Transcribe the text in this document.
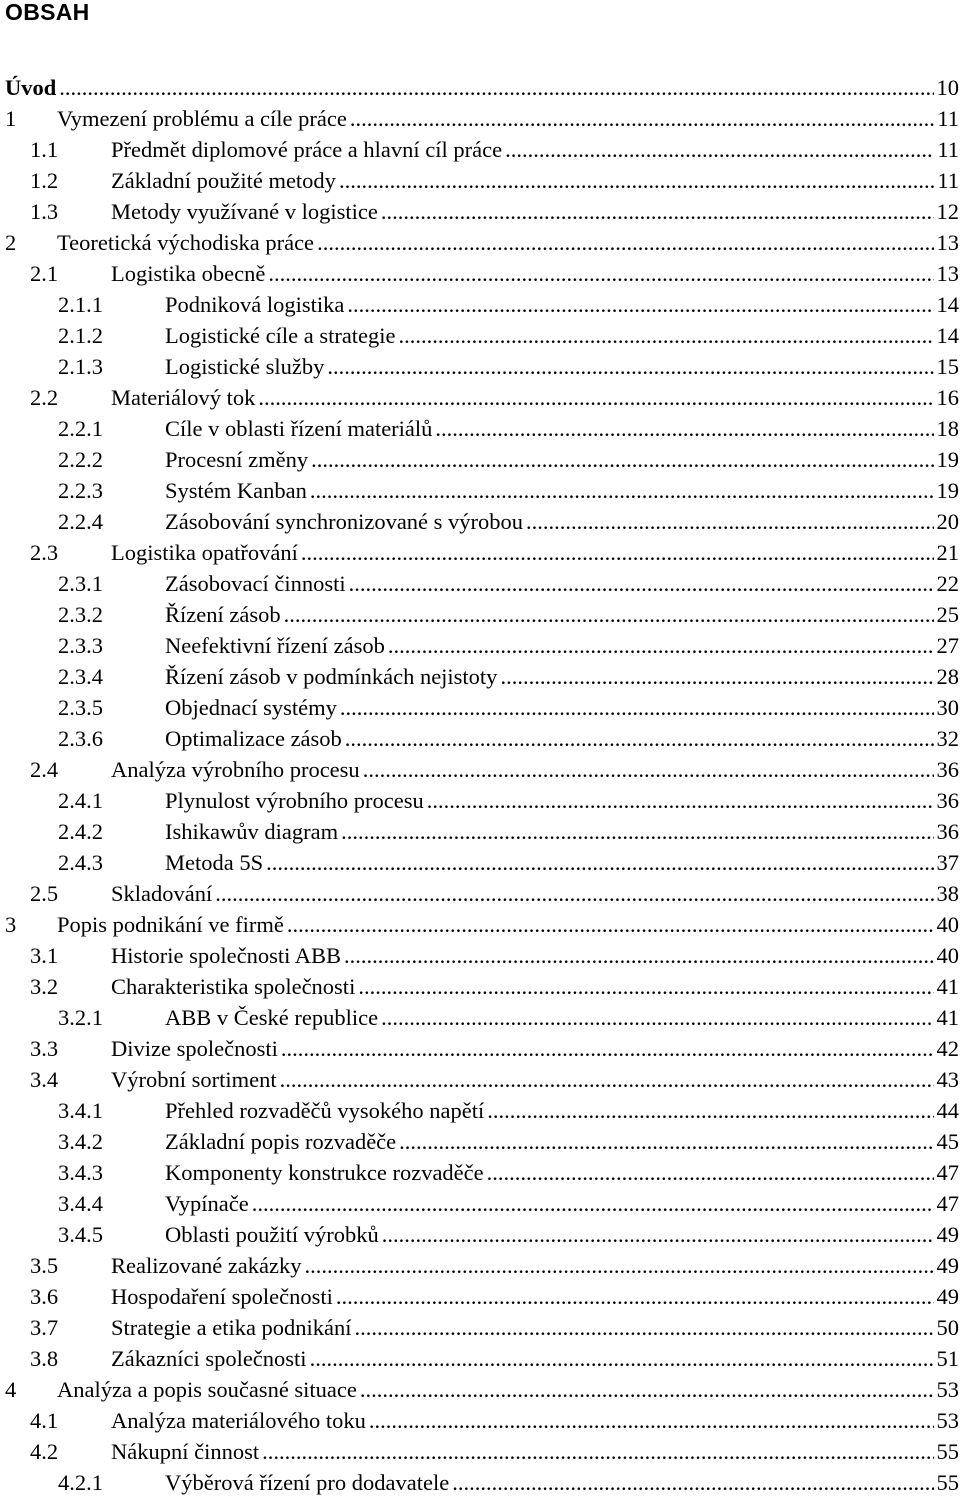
OBSAH
Úvod .....	10
1	Vymezení problému a cíle práce .....	11
1.1	Předmět diplomové práce a hlavní cíl práce .....	11
1.2	Základní použité metody .....	11
1.3	Metody využívané v logistice .....	12
2	Teoretická východiska práce .....	13
2.1	Logistika obecně .....	13
2.1.1	Podniková logistika .....	14
2.1.2	Logistické cíle a strategie .....	14
2.1.3	Logistické služby .....	15
2.2	Materiálový tok .....	16
2.2.1	Cíle v oblasti řízení materiálů .....	18
2.2.2	Procesní změny .....	19
2.2.3	Systém Kanban .....	19
2.2.4	Zásobování synchronizované s výrobou .....	20
2.3	Logistika opatřování .....	21
2.3.1	Zásobovací činnosti .....	22
2.3.2	Řízení zásob .....	25
2.3.3	Neefektivní řízení zásob .....	27
2.3.4	Řízení zásob v podmínkách nejistoty .....	28
2.3.5	Objednací systémy .....	30
2.3.6	Optimalizace zásob .....	32
2.4	Analýza výrobního procesu .....	36
2.4.1	Plynulost výrobního procesu .....	36
2.4.2	Ishikawův diagram .....	36
2.4.3	Metoda 5S .....	37
2.5	Skladování .....	38
3	Popis podnikání ve firmě .....	40
3.1	Historie společnosti ABB .....	40
3.2	Charakteristika společnosti .....	41
3.2.1	ABB v České republice .....	41
3.3	Divize společnosti .....	42
3.4	Výrobní sortiment .....	43
3.4.1	Přehled rozvaděčů vysokého napětí .....	44
3.4.2	Základní popis rozvaděče .....	45
3.4.3	Komponenty konstrukce rozvaděče .....	47
3.4.4	Vypínače .....	47
3.4.5	Oblasti použití výrobků .....	49
3.5	Realizované zakázky .....	49
3.6	Hospodaření společnosti .....	49
3.7	Strategie a etika podnikání .....	50
3.8	Zákazníci společnosti .....	51
4	Analýza a popis současné situace .....	53
4.1	Analýza materiálového toku .....	53
4.2	Nákupní činnost .....	55
4.2.1	Výběrová řízení pro dodavatele .....	55
